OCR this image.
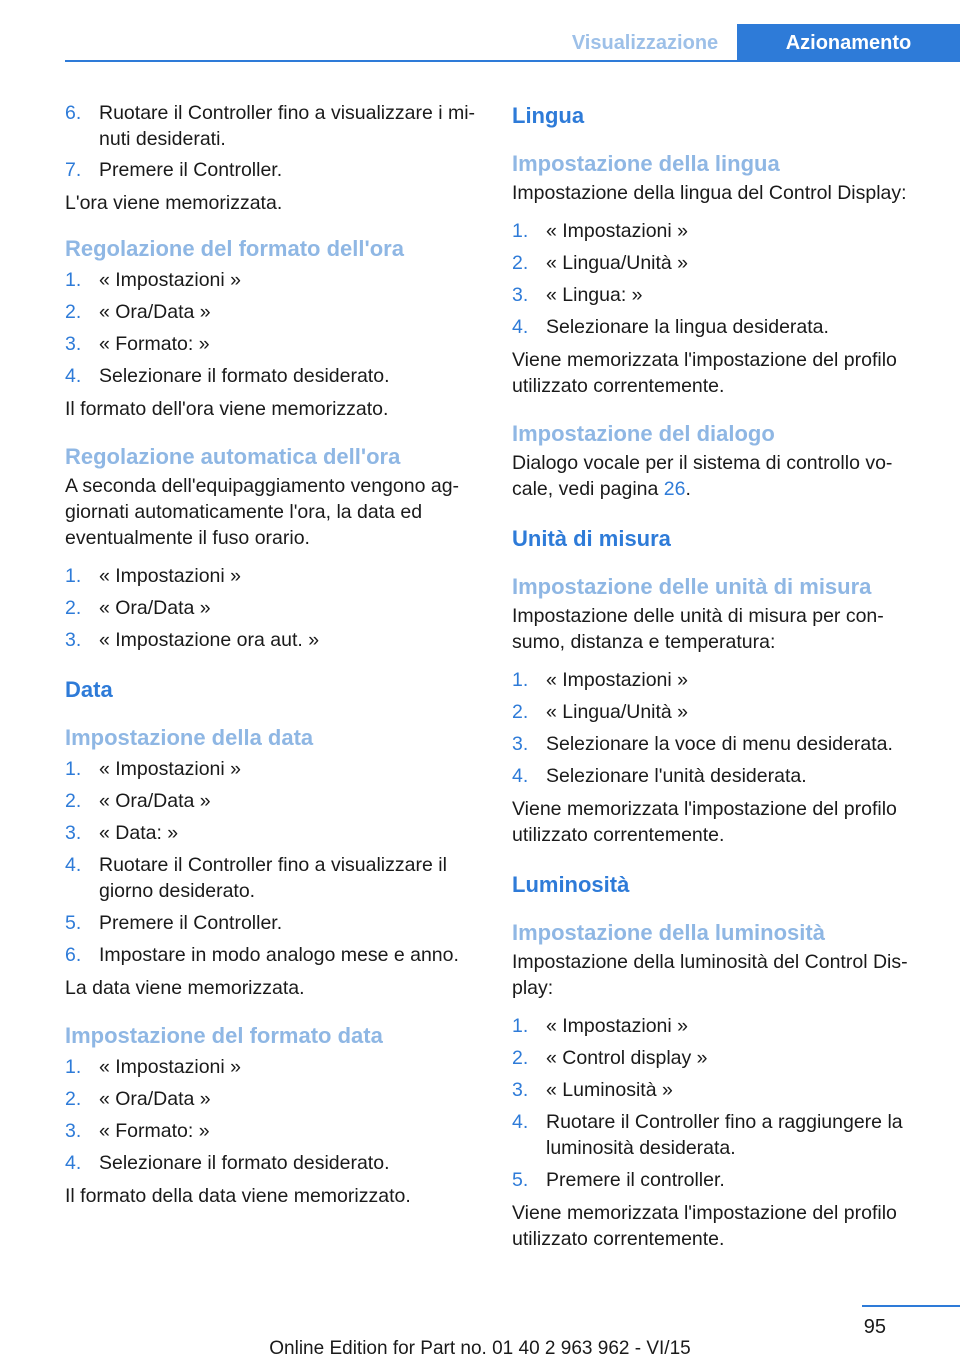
Visualizzazione	Azionamento
6. Ruotare il Controller fino a visualizzare i mi‐nuti desiderati.
7. Premere il Controller.

L'ora viene memorizzata.

Regolazione del formato dell'ora
1. « Impostazioni »
2. « Ora/Data »
3. « Formato: »
4. Selezionare il formato desiderato.

Il formato dell'ora viene memorizzato.

Regolazione automatica dell'ora

A seconda dell'equipaggiamento vengono ag‐giornati automaticamente l'ora, la data ed eventualmente il fuso orario.

1. « Impostazioni »
2. « Ora/Data »
3. « Impostazione ora aut. »
Data
Impostazione della data
1. « Impostazioni »
2. « Ora/Data »
3. « Data: »
4. Ruotare il Controller fino a visualizzare il giorno desiderato.
5. Premere il Controller.
6. Impostare in modo analogo mese e anno.

La data viene memorizzata.

Impostazione del formato data
1. « Impostazioni »
2. « Ora/Data »
3. « Formato: »
4. Selezionare il formato desiderato.

Il formato della data viene memorizzato.

Lingua
Impostazione della lingua

Impostazione della lingua del Control Display:

1. « Impostazioni »
2. « Lingua/Unità »
3. « Lingua: »
4. Selezionare la lingua desiderata.

Viene memorizzata l'impostazione del profilo utilizzato correntemente.

Impostazione del dialogo

Dialogo vocale per il sistema di controllo vo‐cale, vedi pagina 26.

Unità di misura
Impostazione delle unità di misura

Impostazione delle unità di misura per con‐sumo, distanza e temperatura:

1. « Impostazioni »
2. « Lingua/Unità »
3. Selezionare la voce di menu desiderata.
4. Selezionare l'unità desiderata.

Viene memorizzata l'impostazione del profilo utilizzato correntemente.

Luminosità
Impostazione della luminosità

Impostazione della luminosità del Control Dis‐play:

1. « Impostazioni »
2. « Control display »
3. « Luminosità »
4. Ruotare il Controller fino a raggiungere la luminosità desiderata.
5. Premere il controller.

Viene memorizzata l'impostazione del profilo utilizzato correntemente.

95
Online Edition for Part no. 01 40 2 963 962 - VI/15
